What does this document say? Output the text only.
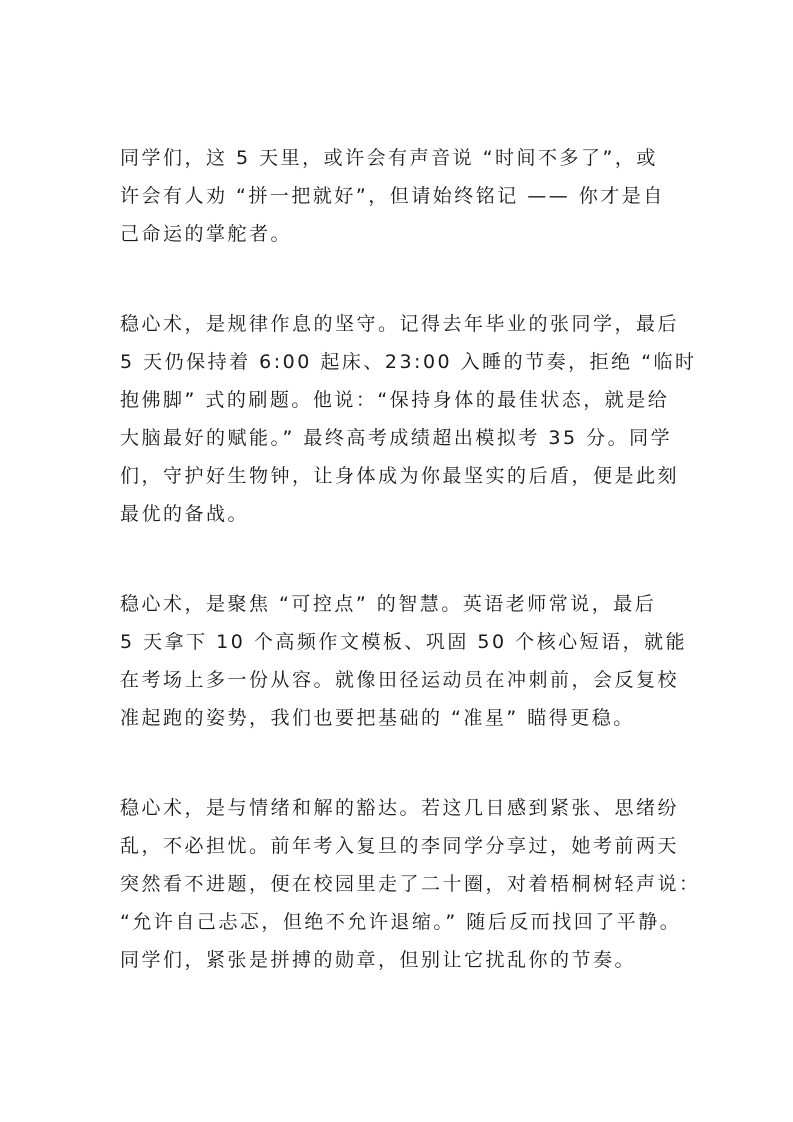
同学们，这 5 天里，或许会有声音说 “时间不多了”，或
许会有人劝 “拼一把就好”，但请始终铭记 —— 你才是自
己命运的掌舵者。

稳心术，是规律作息的坚守。记得去年毕业的张同学，最后
5 天仍保持着 6:00 起床、23:00 入睡的节奏，拒绝 “临时
抱佛脚” 式的刷题。他说：“保持身体的最佳状态，就是给
大脑最好的赋能。” 最终高考成绩超出模拟考 35 分。同学
们，守护好生物钟，让身体成为你最坚实的后盾，便是此刻
最优的备战。

稳心术，是聚焦 “可控点” 的智慧。英语老师常说，最后
5 天拿下 10 个高频作文模板、巩固 50 个核心短语，就能
在考场上多一份从容。就像田径运动员在冲刺前，会反复校
准起跑的姿势，我们也要把基础的 “准星” 瞄得更稳。

稳心术，是与情绪和解的豁达。若这几日感到紧张、思绪纷
乱，不必担忧。前年考入复旦的李同学分享过，她考前两天
突然看不进题，便在校园里走了二十圈，对着梧桐树轻声说：
“允许自己忐忑，但绝不允许退缩。” 随后反而找回了平静。
同学们，紧张是拼搏的勋章，但别让它扰乱你的节奏。
